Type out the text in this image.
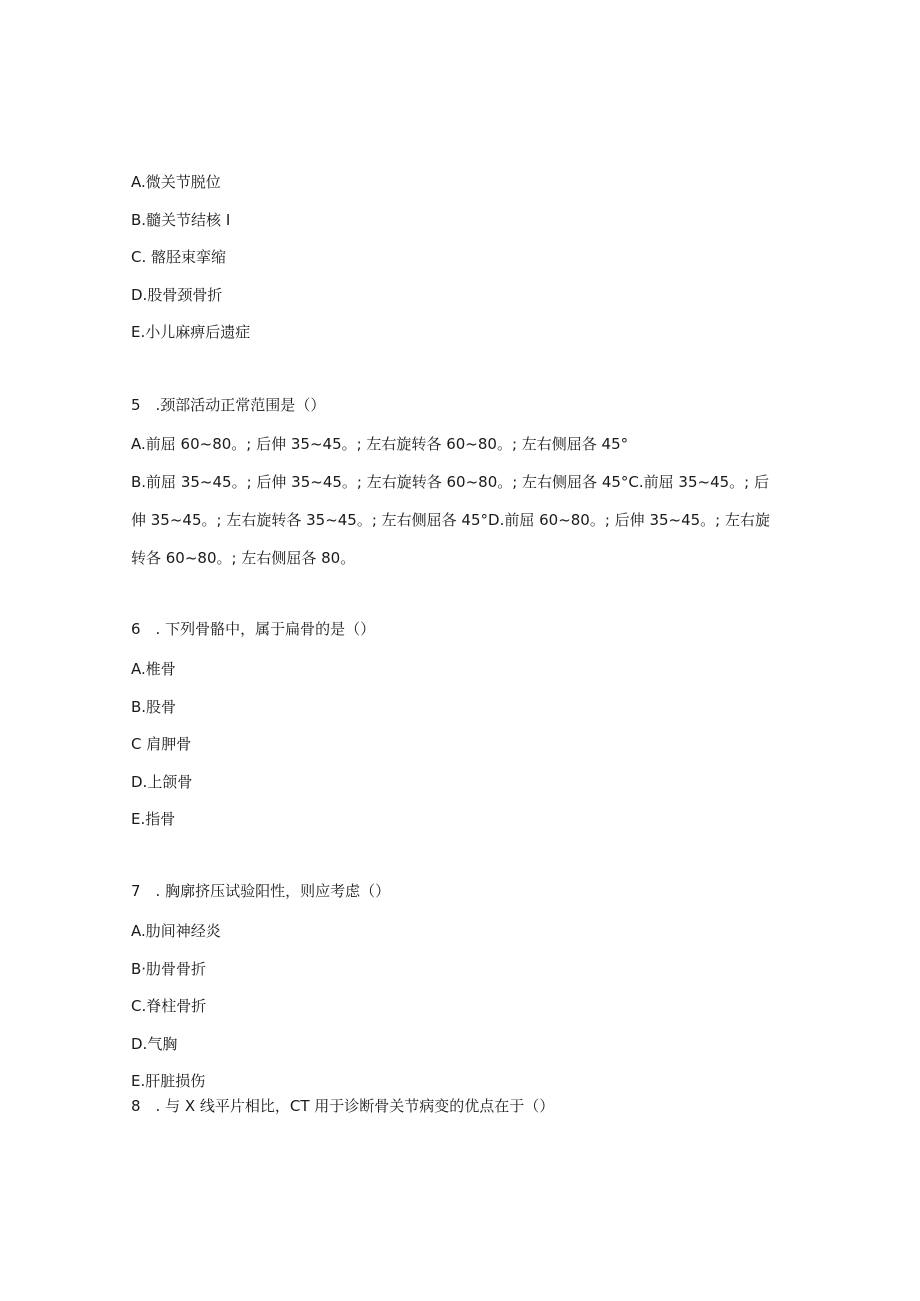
A.微关节脱位
B.髓关节结核 I
C. 髂胫束挛缩
D.股骨颈骨折
E.小儿麻痹后遗症
5　.颈部活动正常范围是（）
A.前屈 60~80。; 后伸 35~45。; 左右旋转各 60~80。; 左右侧屈各 45°
B.前屈 35~45。; 后伸 35~45。; 左右旋转各 60~80。; 左右侧屈各 45°C.前屈 35~45。; 后伸 35~45。; 左右旋转各 35~45。; 左右侧屈各 45°D.前屈 60~80。; 后伸 35~45。; 左右旋转各 60~80。; 左右侧屈各 80。
6　. 下列骨骼中，属于扁骨的是（）
A.椎骨
B.股骨
C 肩胛骨
D.上颌骨
E.指骨
7　. 胸廓挤压试验阳性，则应考虑（）
A.肋间神经炎
B·肋骨骨折
C.脊柱骨折
D.气胸
E.肝脏损伤
8　. 与 X 线平片相比，CT 用于诊断骨关节病变的优点在于（）
